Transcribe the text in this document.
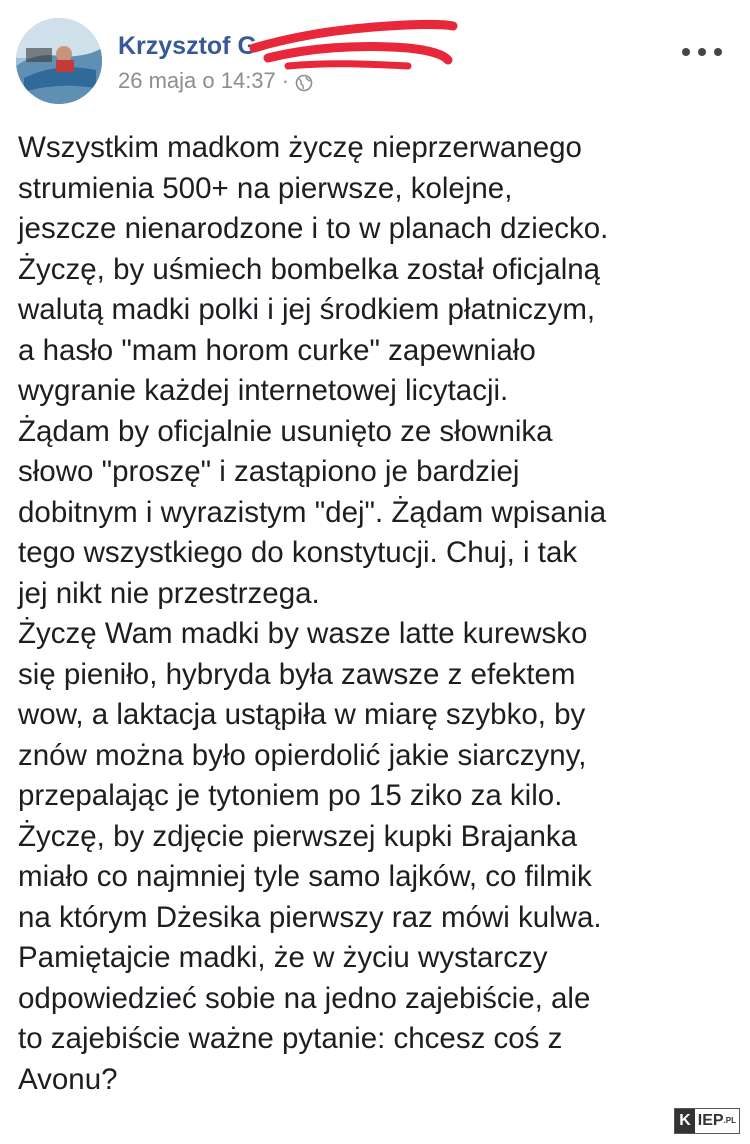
Krzysztof G
26 maja o 14:37 ·
Wszystkim madkom życzę nieprzerwanego
strumienia 500+ na pierwsze, kolejne,
jeszcze nienarodzone i to w planach dziecko.
Życzę, by uśmiech bombelka został oficjalną
walutą madki polki i jej środkiem płatniczym,
a hasło "mam horom curke" zapewniało
wygranie każdej internetowej licytacji.
Żądam by oficjalnie usunięto ze słownika
słowo "proszę" i zastąpiono je bardziej
dobitnym i wyrazistym "dej". Żądam wpisania
tego wszystkiego do konstytucji. Chuj, i tak
jej nikt nie przestrzega.
Życzę Wam madki by wasze latte kurewsko
się pieniło, hybryda była zawsze z efektem
wow, a laktacja ustąpiła w miarę szybko, by
znów można było opierdolić jakie siarczyny,
przepalając je tytoniem po 15 ziko za kilo.
Życzę, by zdjęcie pierwszej kupki Brajanka
miało co najmniej tyle samo lajków, co filmik
na którym Dżesika pierwszy raz mówi kulwa.
Pamiętajcie madki, że w życiu wystarczy
odpowiedzieć sobie na jedno zajebiście, ale
to zajebiście ważne pytanie: chcesz coś z
Avonu?
K IEP.PL
